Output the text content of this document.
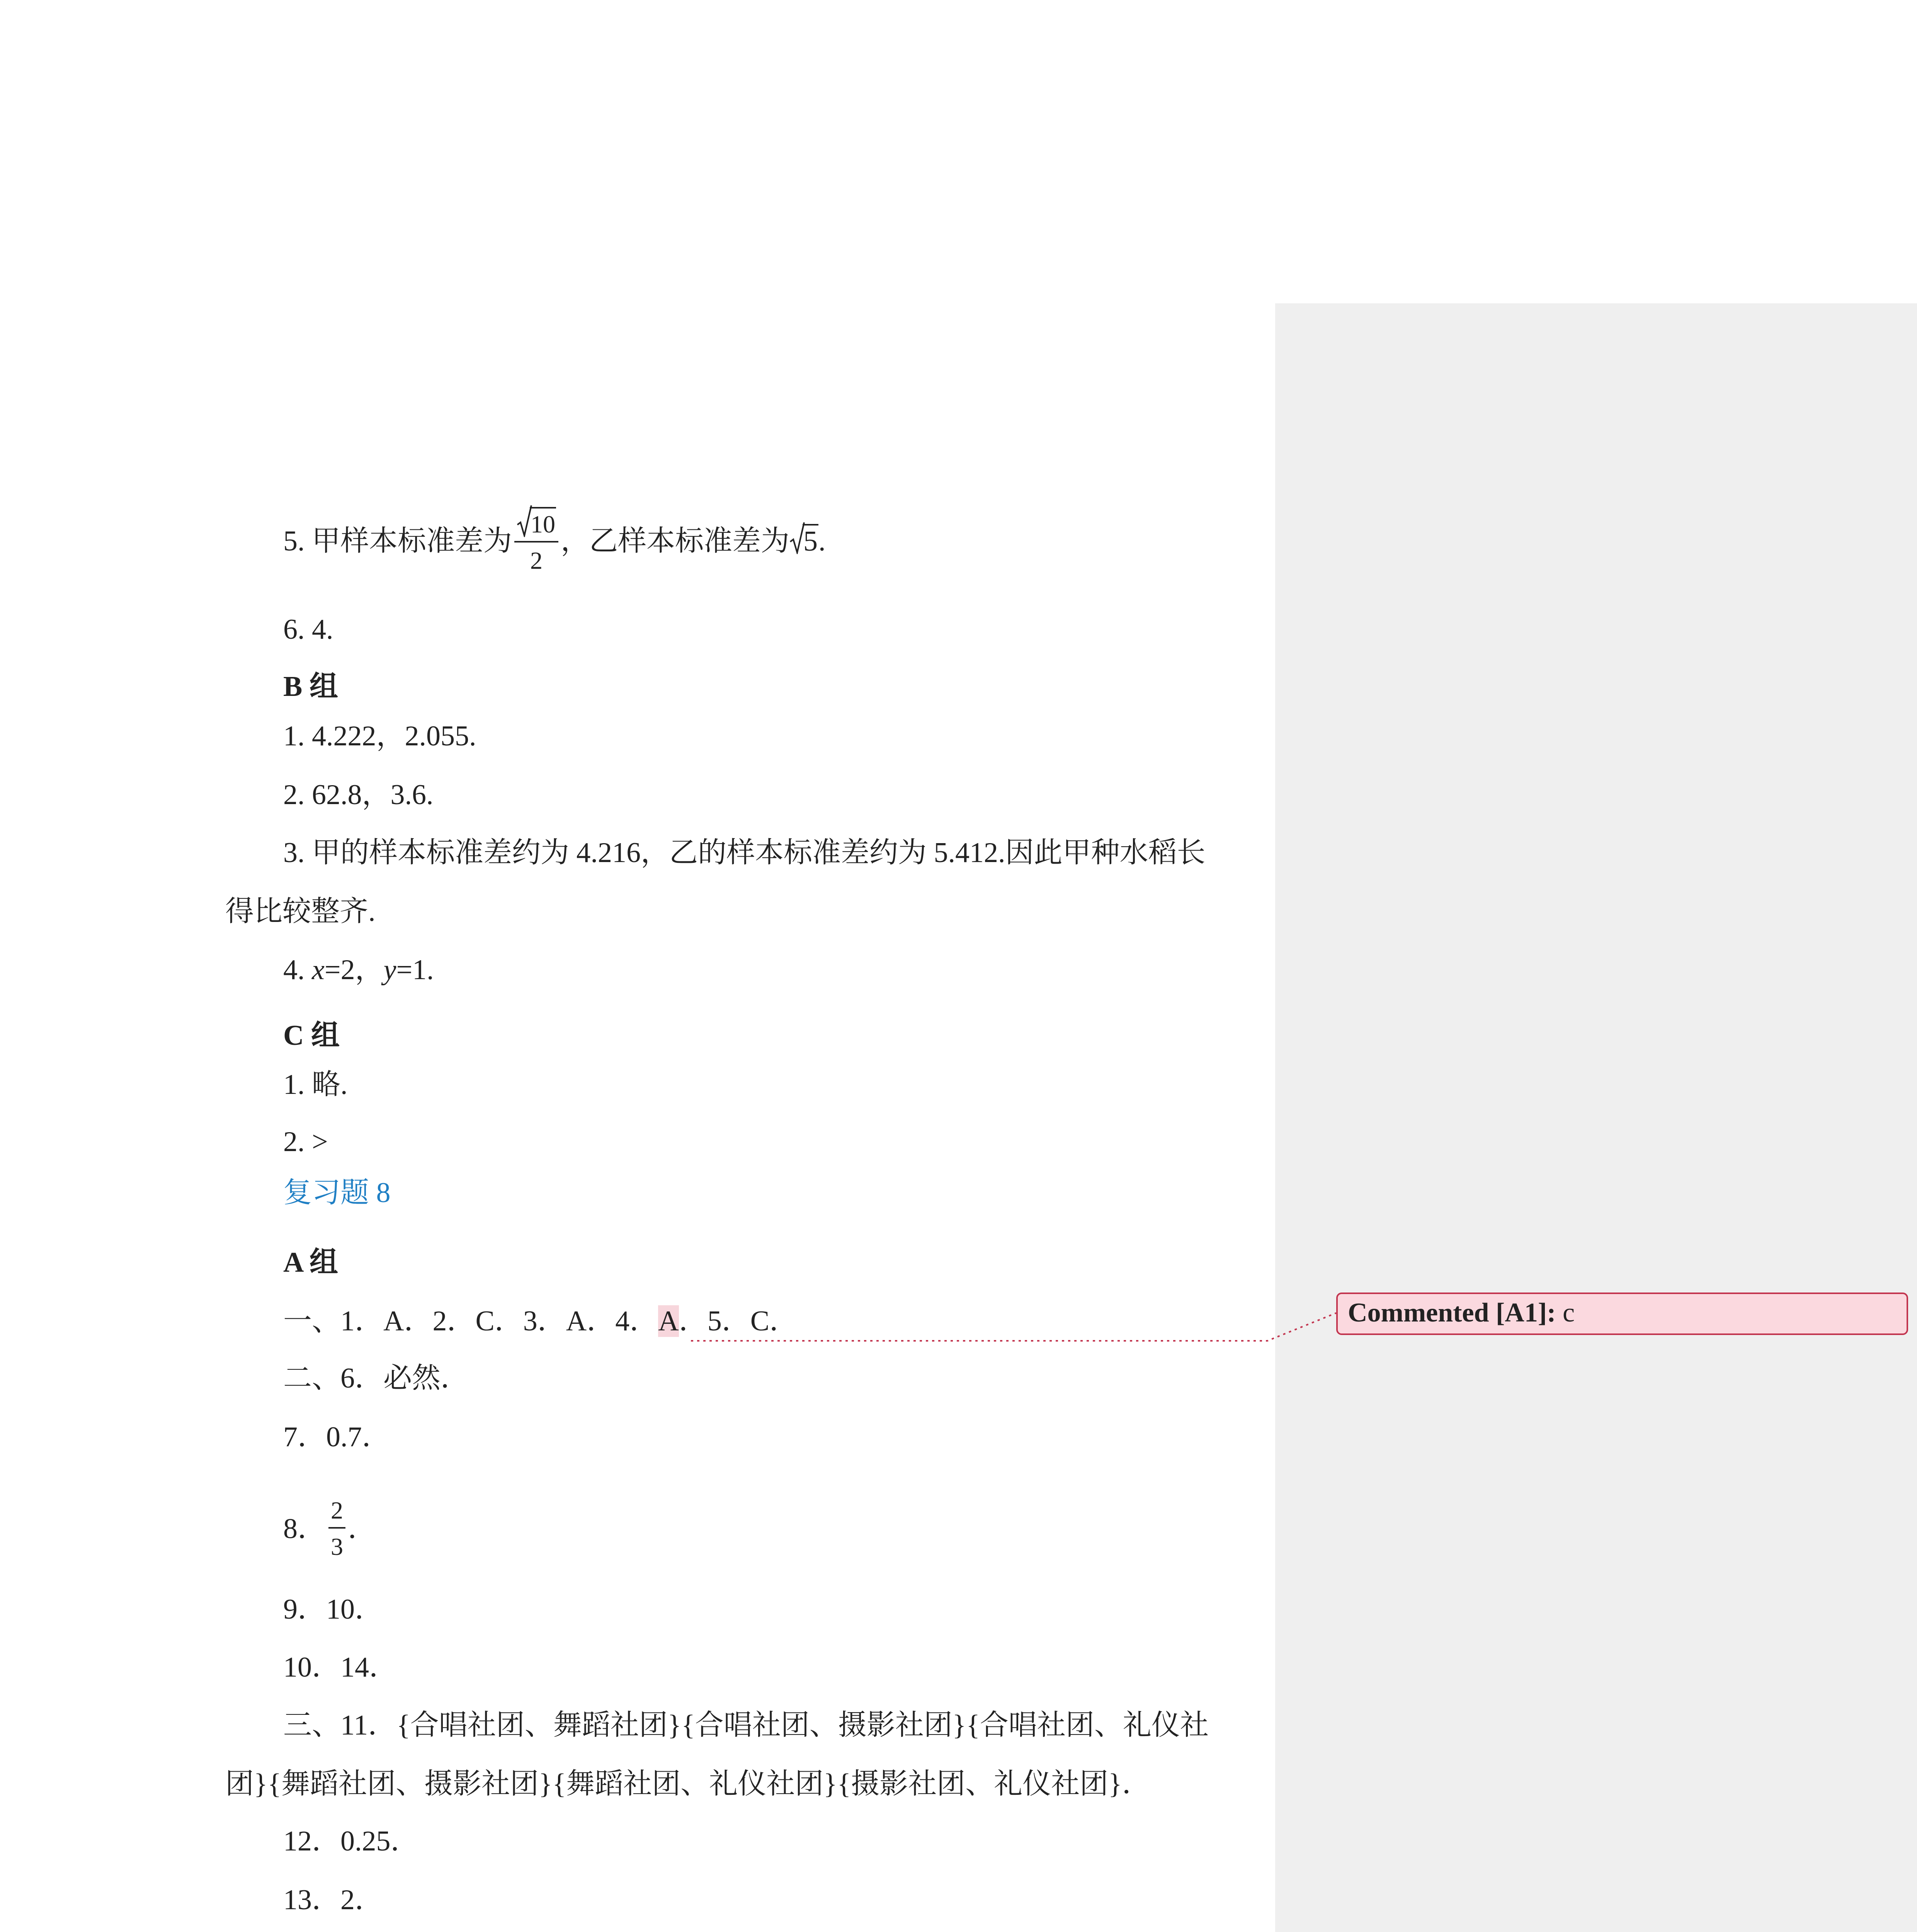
5. 甲样本标准差为 $\frac{10}{2}$ ，乙样本标准差为 5.
6. 4.
B 组
1. 4.222，2.055.
2. 62.8，3.6.
3. 甲的样本标准差约为 4.216，乙的样本标准差约为 5.412.因此甲种水稻长
得比较整齐.
4. x=2，y=1.
C 组
1. 略.
2. >
复习题 8
A 组
一、1．A．2．C．3．A．4．A．5．C．
二、6．必然．
7．0.7．
8． $\frac{2}{3}$ ．
9．10．
10．14．
三、11．{合唱社团、舞蹈社团}{合唱社团、摄影社团}{合唱社团、礼仪社
团}{舞蹈社团、摄影社团}{舞蹈社团、礼仪社团}{摄影社团、礼仪社团}．
12．0.25．
13．2．

Commented [A1]: c
